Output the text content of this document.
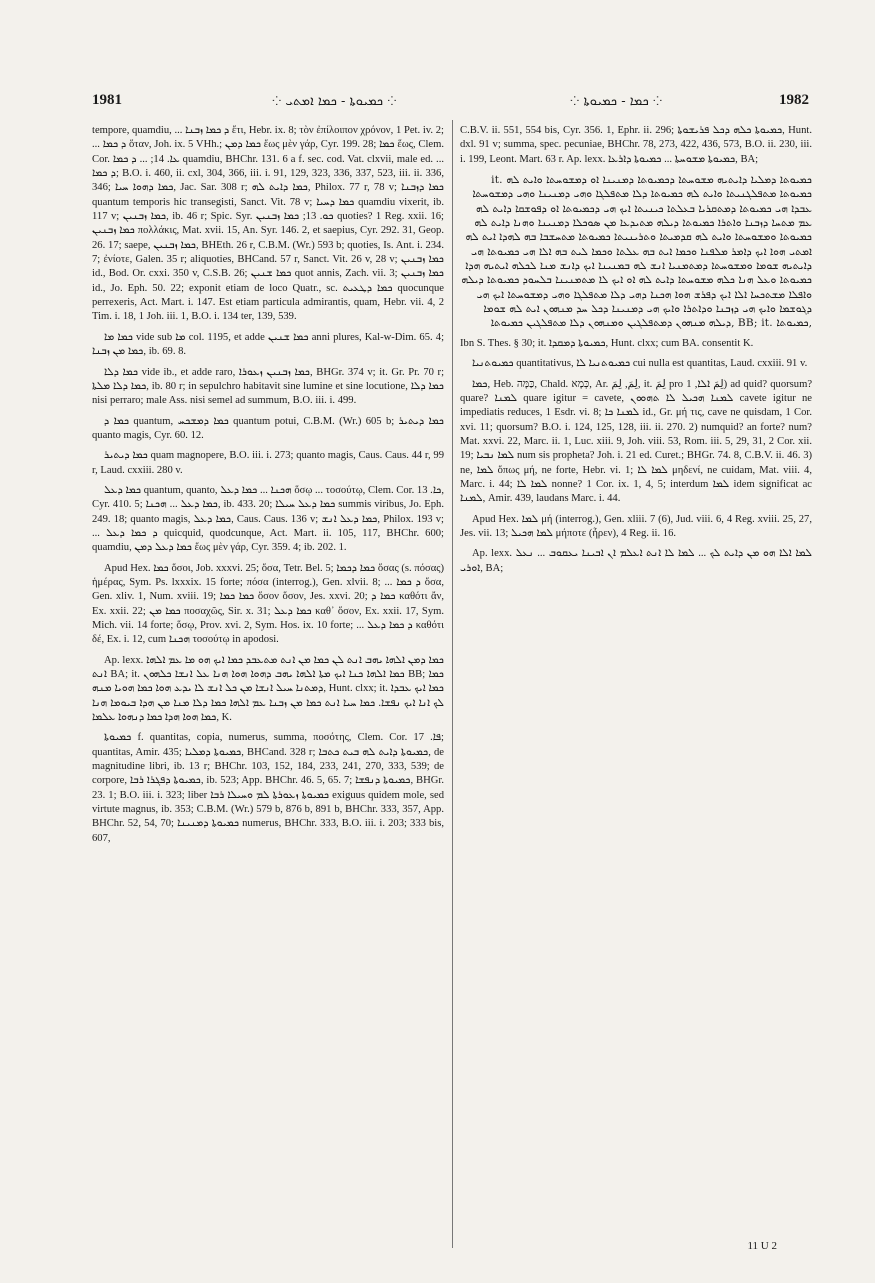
1981	⁘ ܟܡܝܘܬܐ - ܟܡܐ ܐܡܬܝ ⁘	⁘ ܟܡܐ - ܟܡܝܘܬܐ ⁘	1982

tempore, quamdiu, ... ܕ ܟܡܐ ܙܒܢܐ ἔτι, Hebr. ix. 8; τὸν ἐπίλοιπον χρόνον, 1 Pet. iv. 2; ... ܕ ܟܡܐ ὅταν, Joh. ix. 5 VHh.; ܟܡܐ ܕܡܢ ἕως μὲν γάρ, Cyr. 199. 28; ܟܡܐ ἕως, Clem. Cor. ܥܐ. 14; ... ܕ ܟܡܐ quamdiu, BHChr. 131. 6 a f. sec. cod. Vat. clxvii, male ed. ... ܕ ܟܡܐ; B.O. i. 460, ii. cxl, 304, 366, iii. i. 91, 129, 323, 336, 337, 523, iii. ii. 336, 346; ܟܡܐ ܕܗܘܐ ܚܝܐ, Jac. Sar. 308 r; ܟܡܐ ܕܐܝܬ ܠܗ, Philox. 77 r, 78 v; ܟܡܐ ܕܙܒܢܐ quantum temporis hic transegisti, Sanct. Vit. 78 v; ܟܡܐ ܕܚܝܐ quamdiu vixerit, ib. 117 v; ܟܡܐ ܙܒܢܝܢ, ib. 46 r; Spic. Syr. ܟܘ. 13; ܟܡܐ ܙܒܢܝܢ quoties? 1 Reg. xxii. 16; ܟܡܐ ܙܒܢܝܢ πολλάκις, Mat. xvii. 15, An. Syr. 146. 2, et saepius, Cyr. 292. 31, Geop. 26. 17; saepe, ܟܡܐ ܙܒܢܝܢ, BHEth. 26 r, C.B.M. (Wr.) 593 b; quoties, Is. Ant. i. 234. 7; ἐνίοτε, Galen. 35 r; aliquoties, BHCand. 57 r, Sanct. Vit. 26 v, 28 v; ܟܡܐ ܙܒܢܝܢ id., Bod. Or. cxxi. 350 v, C.S.B. 26; ܟܡܐ ܫܢܝܢ quot annis, Zach. vii. 3; ܟܡܐ ܙܒܢܝܢ id., Jo. Eph. 50. 22; exponit etiam de loco Quatr., sc. ܟܡܐ ܕܛܥܝܬ quocunque perrexeris, Act. Mart. i. 147. Est etiam particula admirantis, quam, Hebr. vii. 4, 2 Tim. i. 18, 1 Joh. iii. 1, B.O. i. 134 ter, 139, 539.

ܟܡܐ ܡܐ vide sub ܡܐ col. 1195, et adde ܟܡܐ ܫܢܝܢ anni plures, Kal-w-Dim. 65. 4; ܟܡܐ ܡܢ ܙܒܢܐ, ib. 69. 8.

ܟܡܐ ܕܠܐ vide ib., et adde raro, ܟܡܐ ܙܒܢܝܢ ܙܥܘܪܐ, BHGr. 374 v; it. Gr. Pr. 70 r; ܟܡܐ ܕܠܐ ܡܠܬܐ, ib. 80 r; in sepulchro habitavit sine lumine et sine locutione, ܟܡܐ ܕܠܐ nisi perraro; male Ass. nisi semel ad summum, B.O. iii. i. 499.

ܟܡܐ ܕ quantum, ܟܡܐ ܕܡܫܟܚ quantum potui, C.B.M. (Wr.) 605 b; ܟܡܐ ܕܝܬܝܪ quanto magis, Cyr. 60. 12.

ܟܡܐ ܕܝܬܝܪ quam magnopere, B.O. iii. i. 273; quanto magis, Caus. Caus. 44 r, 99 r, Laud. cxxiii. 280 v.

ܟܡܐ ܕܥܠ quantum, quanto, ܗܟܢܐ ... ܟܡܐ ܕܥܠ ὅσῳ ... τοσούτῳ, Clem. Cor. ܟܐ. 13, Cyr. 410. 5; ܟܡܐ ܕܥܠ ... ܗܟܢܐ, ib. 433. 20; ܟܡܐ ܕܥܠ ܚܝܠܐ summis viribus, Jo. Eph. 249. 18; quanto magis, ܟܡܐ ܕܥܠ, Caus. Caus. 136 v; ܟܡܐ ܕܥܠ ܐܢܫ, Philox. 193 v; ... ܕ ܟܡܐ ܕܥܠ quicquid, quodcunque, Act. Mart. ii. 105, 117, BHChr. 600; quamdiu, ܟܡܐ ܕܥܠ ܕܡܢ ἕως μὲν γάρ, Cyr. 359. 4; ib. 202. 1.

Apud Hex. ܟܡܐ ὅσοι, Job. xxxvi. 25; ὅσα, Tetr. Bel. 5; ܟܡܐ ܕܟܡܐ ὅσας (s. πόσας) ἡμέρας, Sym. Ps. lxxxix. 15 forte; πόσα (interrog.), Gen. xlvii. 8; ... ܕ ܟܡܐ ὅσα, Gen. xliv. 1, Num. xviii. 19; ܟܡܐ ܟܡܐ ὅσον ὅσον, Jes. xxvi. 20; ܟܡܐ ܕ καθότι ἄν, Ex. xxii. 22; ܟܡܐ ܡܢ ποσαχῶς, Sir. x. 31; ܟܡܐ ܕܥܠ καθ᾿ ὅσον, Ex. xxii. 17, Sym. Mich. vii. 14 forte; ὅσῳ, Prov. xvi. 2, Sym. Hos. ix. 10 forte; ... ܕ ܟܡܐ ܕܥܠ καθότι δέ, Ex. i. 12, cum ܗܟܢܐ τοσούτῳ in apodosi.

Ap. lexx. ܟܡܐ ܕܡܢ ܐܠܗܐ ܝܗܒ ܐܢܬ ܠܢ ܟܡܐ ܡܢ ܐܢܬ ܡܬܥܒܕ ܟܡܐ ܐܝܟ ܗܘ ܡܐ ܥܡ ܐܠܗܐ ܐܢܬ BA; it. ܟܡܐ ܐܠܗܐ ܟܢܐ ܐܝܟ ܡܬܐ ܐܠܗܐ ܝܗܒ ܕܗܘܐ ܗܘܐ ܗܢܐ ܥܠ ܐܢܫܐ ܟܠܗܘܢ BB; ܟܡܐ ܕܡܬܢܐ ܚܝܠ ܐܢܫܐ ܡܢ ܟܠ ܐܢܫ ܠܐ ܝܕܥ ܗܘܐ ܟܡܐ ܗܘܝܐ ܡܢܗ, Hunt. clxx; it. ܟܡܐ ܐܝܟ ܥܒܕܐ ܠܟ ܐܢܐ ܐܝܟ ܢܦܫܐ. ܟܡܐ ܚܝܐ ܐܢܬ ܟܡܐ ܡܢ ܙܒܢܐ ܥܡ ܐܠܗܐ ܟܡܐ ܕܠܐ ܡܢܐ ܡܢ ܗܕܐ ܒܝܘܡܐ ܗܢܐ ܟܡܐ ܗܘܐ ܗܕܐ ܟܡܐ ܕܢܗܘܐ ܥܠܡܐ, K.

ܟܡܝܘܬܐ f. quantitas, copia, numerus, summa, ποσότης, Clem. Cor. ܦܐ. 17; quantitas, Amir. 435; ܟܡܝܘܬܐ ܕܡܠܝܐ, BHCand. 328 r; ܟܡܝܘܬܐ ܕܐܝܬ ܠܗ ܒܝܬ ܟܬܒܐ, de magnitudine libri, ib. 13 r; BHChr. 103, 152, 184, 233, 241, 270, 333, 539; de corpore, ܟܡܝܘܬܐ ܕܦܓܪܐ ܪܒܐ, ib. 523; App. BHChr. 46. 5, 65. 7; ܟܡܝܘܬܐ ܕܢܦܫܐ, BHGr. 23. 1; B.O. iii. i. 323; liber ܟܡܝܘܬܐ ܙܥܘܪܬܐ ܠܡ ܘܚܝܠܐ ܪܒܐ exiguus quidem mole, sed virtute magnus, ib. 353; C.B.M. (Wr.) 579 b, 876 b, 891 b, BHChr. 333, 357, App. BHChr. 52, 54, 70; ܟܡܝܘܬܐ ܕܡܢܝܢܐ numerus, BHChr. 333, B.O. iii. i. 203; 333 bis, 607,

C.B.V. ii. 551, 554 bis, Cyr. 356. 1, Ephr. ii. 296; ܟܡܝܘܬܐ ܟܠܗ ܕܟܠ ܦܪܝܫܘܬܐ, Hunt. dxl. 91 v; summa, spec. pecuniae, BHChr. 78, 273, 422, 436, 573, B.O. ii. 230, iii. i. 199, Leont. Mart. 63 r. Ap. lexx. ܟܡܝܘܬܐ ܡܫܘܚܬܐ ... ܟܡܝܘܬܐ ܕܐܪܥܐ, BA;

it. ܟܡܝܘܬܐ ܕܡܠܝܐ ܕܐܝܬܝܗ ܡܫܘܚܬܐ ܕܟܡܝܘܬܐ ܕܡܢܝܢܐ ܐܘ ܕܡܫܘܚܬܐ ܘܐܝܬ ܠܗ ܟܡܝܘܬܐ ܡܬܦܠܓܢܝܬܐ ܘܐܝܬ ܠܗ ܟܡܝܘܬܐ ܕܠܐ ܡܬܦܠܓܐ ܘܗܝ ܕܡܢܝܢܐ ܘܗܝ ܕܡܫܘܚܬܐ ܥܒܕܐ ܗܝ ܟܡܝܘܬܐ ܕܡܬܩܪܝܐ ܒܥܠܬܐ ܟܝܢܝܬܐ ܐܝܟ ܗܝ ܕܟܡܝܘܬܐ ܐܘ ܕܦܘܫܩܐ ܕܐܝܬ ܠܗ ܥܡ ܡܬܚܐ ܕܙܒܢܐ ܘܐܬܪܐ ܟܡܝܘܬܐ ܕܝܠܗ ܡܬܝܕܥܐ ܡܢ ܣܘܟܠܐ ܕܡܢܝܢܐ ܘܗܢܐ ܕܐܝܬ ܠܗ ܟܡܝܘܬܐ ܘܡܫܘܚܬܐ ܘܐܝܬ ܠܗ ܩܕܡܝܬܐ ܘܬܪܝܢܝܬܐ ܟܡܝܘܬܐ ܡܬܚܫܒܐ ܒܗ ܠܗܕܐ ܐܝܬ ܠܗ ܐܡܬܝ ܗܘܐ ܐܝܟ ܕܐܡܪ ܡܠܦܢܐ ܘܟܡܐ ܐܝܬ ܒܗ ܥܠܬܐ ܘܟܡܐ ܠܝܬ ܒܗ ܐܠܐ ܗܝ ܟܡܝܘܬܐ ܗܝ ܕܐܝܬܝܗ ܫܘܡܐ ܘܡܫܘܚܬܐ ܕܡܬܡܢܝܐ ܐܢܫ ܠܗ ܒܡܢܝܢܐ ܐܝܟ ܕܐܢܫ ܡܢܐ ܠܟܠܗ ܐܝܬܝܗ ܗܕܐ ܟܡܝܘܬܐ ܘܥܠ ܗܢܐ ܟܠܗ ܡܫܘܚܬܐ ܕܐܝܬ ܠܗ ܐܘ ܐܝܟ ܠܐ ܡܬܡܢܝܢܐ ܒܠܚܘܕ ܟܡܝܘܬܐ ܕܝܠܗ ܘܐܦܠܐ ܡܫܬܟܚܐ ܐܠܐ ܐܝܟ ܕܦܪܫ ܗܘܐ ܗܟܢܐ ܕܗܝ ܕܠܐ ܡܬܦܠܓܐ ܘܗܝ ܕܡܫܘܚܬܐ ܐܝܟ ܗܝ ܕܓܘܫܡܐ ܘܐܝܟ ܗܝ ܕܙܒܢܐ ܘܕܐܬܪܐ ܘܐܝܟ ܗܝ ܕܡܢܝܢܐ ܕܟܠ ܚܕ ܡܢܗܘܢ ܐܝܬ ܠܗ ܫܘܡܐ ܕܝܠܗ ܡܢܗܘܢ ܕܡܬܦܠܓܝܢ ܘܡܢܗܘܢ ܕܠܐ ܡܬܦܠܓܝܢ ܟܡܝܘܬܐ, BB; it. ܟܡܝܘܬܐ,

Ibn S. Thes. § 30; it. ܟܡܝܘܬܐ ܕܡܩܕܐ, Hunt. clxx; cum BA. consentit K.

ܟܡܝܘܬܢܝܐ quantitativus, ܟܡܝܘܬܢܝܐ ܠܐ cui nulla est quantitas, Laud. cxxiii. 91 v.

ܟܡܐ, Heb. כַּמָּה, Chald. כְּמָא, Ar. لِمَ, لِمَ, it. لِمَ pro لِمَ ܐܠܐ, 1) ad quid? quorsum? quare? ܠܡܢܐ quare igitur = cavete, ܠܡܢܐ ܗܟܝܠ ܠܐ ܬܗܘܘܢ cavete igitur ne impediatis reduces, 1 Esdr. vi. 8; ܠܡܢܐ ܟܐ id., Gr. μή τις, cave ne quisdam, 1 Cor. xvi. 11; quorsum? B.O. i. 124, 125, 128, iii. ii. 270. 2) numquid? an forte? num? Mat. xxvi. 22, Marc. ii. 1, Luc. xiii. 9, Joh. viii. 53, Rom. iii. 5, 29, 31, 2 Cor. xii. 19; ܠܡܐ ܢܒܝܐ num sis propheta? Joh. i. 21 ed. Curet.; BHGr. 74. 8, C.B.V. ii. 46. 3) ne, ܠܡܐ ὅπως μή, ne forte, Hebr. vi. 1; ܠܡܐ ܠܐ μηδενί, ne cuidam, Mat. viii. 4, Marc. i. 44; ܠܡܐ ܠܐ nonne? 1 Cor. ix. 1, 4, 5; interdum ܠܡܐ idem significat ac ܠܡܢܐ, Amir. 439, laudans Marc. i. 44.

Apud Hex. ܠܡܐ μή (interrog.), Gen. xliii. 7 (6), Jud. viii. 6, 4 Reg. xviii. 25, 27, Jes. vii. 13; ܠܡܐ ܗܟܝܠ μήποτε (ἦρεν), 4 Reg. ii. 16.

Ap. lexx. ܠܡܐ ܐܠܐ ܗܘ ܡܢ ܕܐܝܬ ܠܟ ... ܠܡܐ ܠܐ ܐܢܬ ܐܥܠܡ ܐܢ ܐܒܝܢܐ ܝܥܩܘܒ ... ܢܥܠ ܐܘܪܝ, BA;

11 U 2
